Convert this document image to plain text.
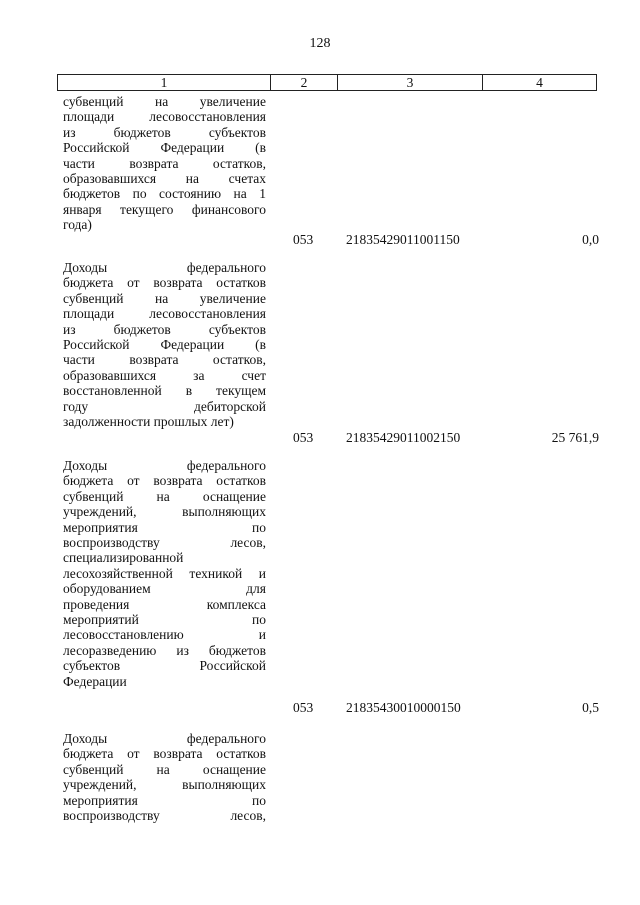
128
1	2	3	4
субвенций на увеличение
площади лесовосстановления
из бюджетов субъектов
Российской Федерации (в
части возврата остатков,
образовавшихся на счетах
бюджетов по состоянию на 1
января текущего финансового
года)
053 21835429011001150	0,0
Доходы федерального
бюджета от возврата остатков
субвенций на увеличение
площади лесовосстановления
из бюджетов субъектов
Российской Федерации (в
части возврата остатков,
образовавшихся за счет
восстановленной в текущем
году дебиторской
задолженности прошлых лет)
053 21835429011002150	25 761,9
Доходы федерального
бюджета от возврата остатков
субвенций на оснащение
учреждений, выполняющих
мероприятия по
воспроизводству лесов,
специализированной
лесохозяйственной техникой и
оборудованием для
проведения комплекса
мероприятий по
лесовосстановлению и
лесоразведению из бюджетов
субъектов Российской
Федерации
053 21835430010000150	0,5
Доходы федерального
бюджета от возврата остатков
субвенций на оснащение
учреждений, выполняющих
мероприятия по
воспроизводству лесов,
